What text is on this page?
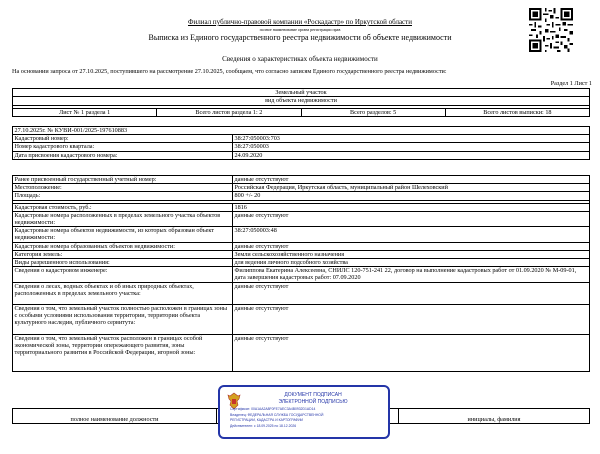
Филиал публично-правовой компании «Роскадастр» по Иркутской области
полное наименование органа регистрации прав
Выписка из Единого государственного реестра недвижимости об объекте недвижимости
Сведения о характеристиках объекта недвижимости
На основании запроса от 27.10.2025, поступившего на рассмотрение 27.10.2025, сообщаем, что согласно записям Единого государственного реестра недвижимости:
Раздел 1 Лист 1
Земельный участок
вид объекта недвижимости

Лист № 1 раздела 1	Всего листов раздела 1: 2	Всего разделов: 5	Всего листов выписки: 18
27.10.2025г. № КУВИ-001/2025-197610883	
Кадастровый номер:	38:27:050003:703
Номер кадастрового квартала:	38:27:050003
Дата присвоения кадастрового номера:	24.09.2020
Ранее присвоенный государственный учетный номер:	данные отсутствуют
Местоположение:	Российская Федерация, Иркутская область, муниципальный район Шелеховский
Площадь:	800 +/- 20

Кадастровая стоимость, руб.:	1816
Кадастровые номера расположенных в пределах земельного участка объектов недвижимости:	данные отсутствуют
Кадастровые номера объектов недвижимости, из которых образован объект недвижимости:	38:27:050003:48
Кадастровые номера образованных объектов недвижимости:	данные отсутствуют
Категория земель:	Земли сельскохозяйственного назначения
Виды разрешенного использования:	для ведения личного подсобного хозяйства
Сведения о кадастровом инженере:	Филиппова Екатерина Алексеевна, СНИЛС 120-751-241 22, договор на выполнение кадастровых работ от 01.09.2020 № М-09-01, дата завершения кадастровых работ: 07.09.2020
Сведения о лесах, водных объектах и об иных природных объектах, расположенных в пределах земельного участка:	данные отсутствуют
Сведения о том, что земельный участок полностью расположен в границах зоны с особыми условиями использования территории, территории объекта культурного наследия, публичного сервитута:	данные отсутствуют
Сведения о том, что земельный участок расположен в границах особой экономической зоны, территории опережающего развития, зоны территориального развития в Российской Федерации, игорной зоны:	данные отсутствуют
полное наименование должности		инициалы, фамилия
ДОКУМЕНТ ПОДПИСАН
ЭЛЕКТРОННОЙ ПОДПИСЬЮ
Сертификат: 00A1AA2A8F0FE7AEC3A4B0932D1AD14
Владелец: ФЕДЕРАЛЬНАЯ СЛУЖБА ГОСУДАРСТВЕННОЙ
РЕГИСТРАЦИИ, КАДАСТРА И КАРТОГРАФИИ
Действителен: с 18.09.2025 по 18.12.2026
